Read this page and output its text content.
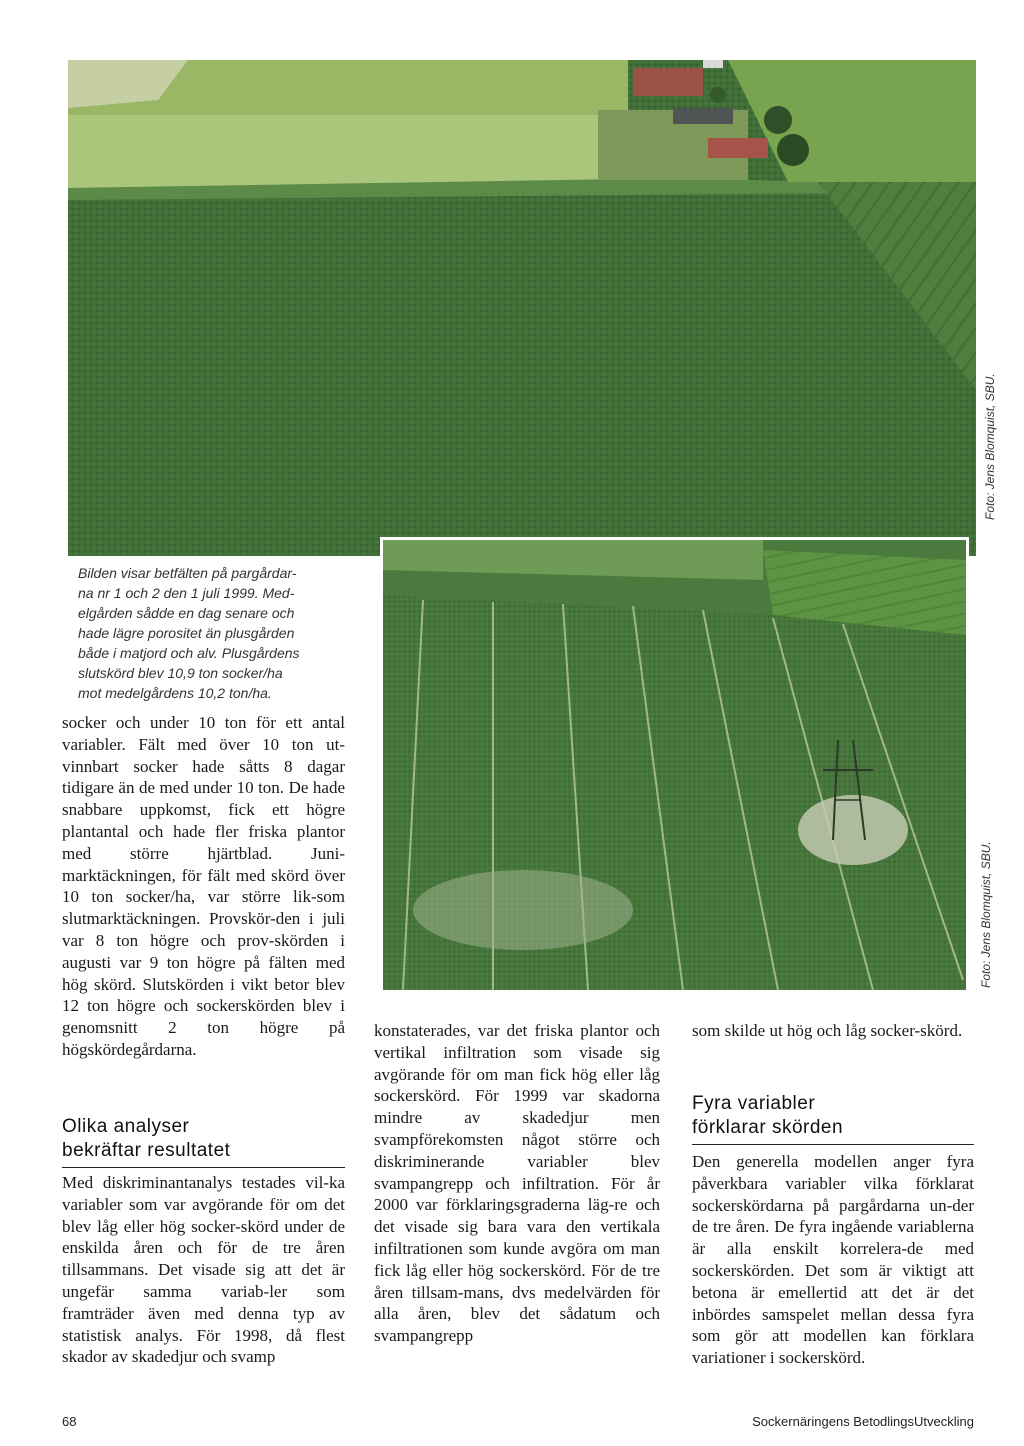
Foto: Jens Blomquist, SBU.
Foto: Jens Blomquist, SBU.
Bilden visar betfälten på pargårdar-
na nr 1 och 2 den 1 juli 1999. Med-
elgården sådde en dag senare och
hade lägre porositet än plusgården
både i matjord och alv. Plusgårdens
slutskörd blev 10,9 ton socker/ha
mot medelgårdens 10,2 ton/ha.

socker och under 10 ton för ett antal variabler. Fält med över 10 ton ut-vinnbart socker hade såtts 8 dagar tidigare än de med under 10 ton. De hade snabbare uppkomst, fick ett högre plantantal och hade fler friska plantor med större hjärtblad. Juni-marktäckningen, för fält med skörd över 10 ton socker/ha, var större lik-som slutmarktäckningen. Provskör-den i juli var 8 ton högre och prov-skörden i augusti var 9 ton högre på fälten med hög skörd. Slutskörden i vikt betor blev 12 ton högre och sockerskörden blev i genomsnitt 2 ton högre på högskördegårdarna.

Olika analyser
bekräftar resultatet

Med diskriminantanalys testades vil-ka variabler som var avgörande för om det blev låg eller hög socker-skörd under de enskilda åren och för de tre åren tillsammans. Det visade sig att det är ungefär samma variab-ler som framträder även med denna typ av statistisk analys. För 1998, då flest skador av skadedjur och svamp

konstaterades, var det friska plantor och vertikal infiltration som visade sig avgörande för om man fick hög eller låg sockerskörd. För 1999 var skadorna mindre av skadedjur men svampförekomsten något större och diskriminerande variabler blev svampangrepp och infiltration. För år 2000 var förklaringsgraderna läg-re och det visade sig bara vara den vertikala infiltrationen som kunde avgöra om man fick låg eller hög sockerskörd. För de tre åren tillsam-mans, dvs medelvärden för alla åren, blev det sådatum och svampangrepp

som skilde ut hög och låg socker-skörd.

Fyra variabler
förklarar skörden

Den generella modellen anger fyra påverkbara variabler vilka förklarat sockerskördarna på pargårdarna un-der de tre åren. De fyra ingående variablerna är alla enskilt korrelera-de med sockerskörden. Det som är viktigt att betona är emellertid att det är det inbördes samspelet mellan dessa fyra som gör att modellen kan förklara variationer i sockerskörd.

68	Sockernäringens BetodlingsUtveckling
